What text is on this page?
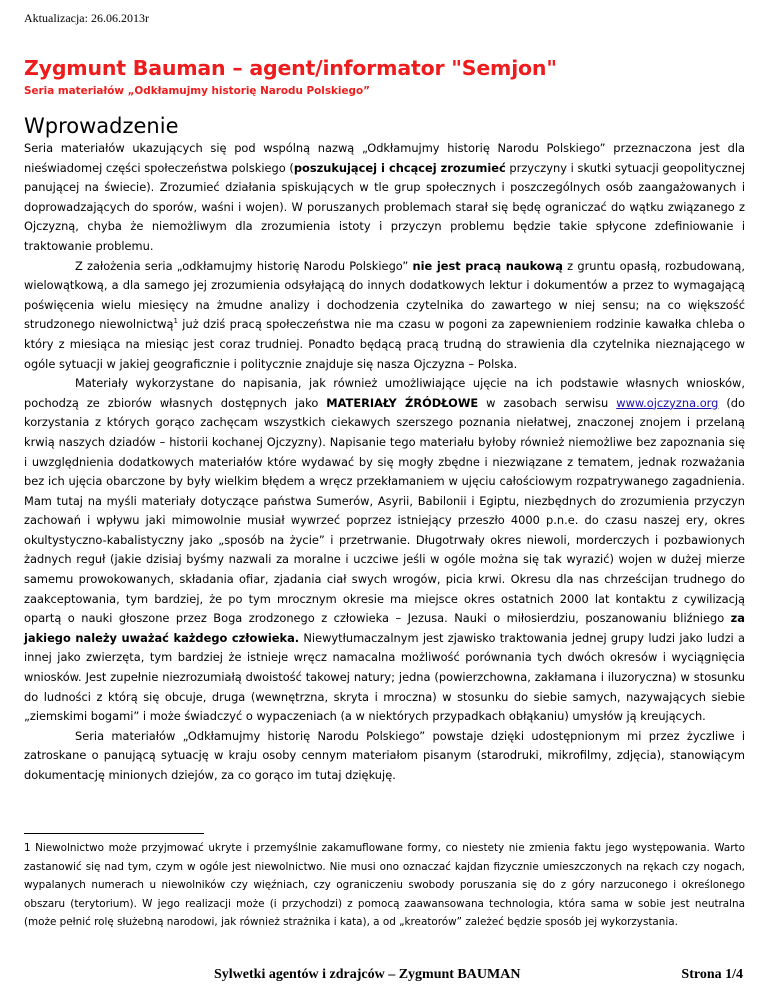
Aktualizacja: 26.06.2013r
Zygmunt Bauman – agent/informator "Semjon"
Seria materiałów „Odkłamujmy historię Narodu Polskiego”
Wprowadzenie

Seria materiałów ukazujących się pod wspólną nazwą „Odkłamujmy historię Narodu Polskiego” przeznaczona jest dla nieświadomej części społeczeństwa polskiego (poszukującej i chcącej zrozumieć przyczyny i skutki sytuacji geopolitycznej panującej na świecie). Zrozumieć działania spiskujących w tle grup społecznych i poszczególnych osób zaangażowanych i doprowadzających do sporów, waśni i wojen). W poruszanych problemach starał się będę ograniczać do wątku związanego z Ojczyzną, chyba że niemożliwym dla zrozumienia istoty i przyczyn problemu będzie takie spłycone zdefiniowanie i traktowanie problemu.

Z założenia seria „odkłamujmy historię Narodu Polskiego” nie jest pracą naukową z gruntu opasłą, rozbudowaną, wielowątkową, a dla samego jej zrozumienia odsyłającą do innych dodatkowych lektur i dokumentów a przez to wymagającą poświęcenia wielu miesięcy na żmudne analizy i dochodzenia czytelnika do zawartego w niej sensu; na co większość strudzonego niewolnictwą$^1$ już dziś pracą społeczeństwa nie ma czasu w pogoni za zapewnieniem rodzinie kawałka chleba o który z miesiąca na miesiąc jest coraz trudniej. Ponadto będącą pracą trudną do strawienia dla czytelnika nieznającego w ogóle sytuacji w jakiej geograficznie i politycznie znajduje się nasza Ojczyzna – Polska.

Materiały wykorzystane do napisania, jak również umożliwiające ujęcie na ich podstawie własnych wniosków, pochodzą ze zbiorów własnych dostępnych jako MATERIAŁY ŹRÓDŁOWE w zasobach serwisu www.ojczyzna.org (do korzystania z których gorąco zachęcam wszystkich ciekawych szerszego poznania niełatwej, znaczonej znojem i przelaną krwią naszych dziadów – historii kochanej Ojczyzny). Napisanie tego materiału byłoby również niemożliwe bez zapoznania się i uwzględnienia dodatkowych materiałów które wydawać by się mogły zbędne i niezwiązane z tematem, jednak rozważania bez ich ujęcia obarczone by były wielkim błędem a wręcz przekłamaniem w ujęciu całościowym rozpatrywanego zagadnienia. Mam tutaj na myśli materiały dotyczące państwa Sumerów, Asyrii, Babilonii i Egiptu, niezbędnych do zrozumienia przyczyn zachowań i wpływu jaki mimowolnie musiał wywrzeć poprzez istniejący przeszło 4000 p.n.e. do czasu naszej ery, okres okultystyczno-kabalistyczny jako „sposób na życie” i przetrwanie. Długotrwały okres niewoli, morderczych i pozbawionych żadnych reguł (jakie dzisiaj byśmy nazwali za moralne i uczciwe jeśli w ogóle można się tak wyrazić) wojen w dużej mierze samemu prowokowanych, składania ofiar, zjadania ciał swych wrogów, picia krwi. Okresu dla nas chrześcijan trudnego do zaakceptowania, tym bardziej, że po tym mrocznym okresie ma miejsce okres ostatnich 2000 lat kontaktu z cywilizacją opartą o nauki głoszone przez Boga zrodzonego z człowieka – Jezusa. Nauki o miłosierdziu, poszanowaniu bliźniego za jakiego należy uważać każdego człowieka. Niewytłumaczalnym jest zjawisko traktowania jednej grupy ludzi jako ludzi a innej jako zwierzęta, tym bardziej że istnieje wręcz namacalna możliwość porównania tych dwóch okresów i wyciągnięcia wniosków. Jest zupełnie niezrozumiałą dwoistość takowej natury; jedna (powierzchowna, zakłamana i iluzoryczna) w stosunku do ludności z którą się obcuje, druga (wewnętrzna, skryta i mroczna) w stosunku do siebie samych, nazywających siebie „ziemskimi bogami” i może świadczyć o wypaczeniach (a w niektórych przypadkach obłąkaniu) umysłów ją kreujących.

Seria materiałów „Odkłamujmy historię Narodu Polskiego” powstaje dzięki udostępnionym mi przez życzliwe i zatroskane o panującą sytuację w kraju osoby cennym materiałom pisanym (starodruki, mikrofilmy, zdjęcia), stanowiącym dokumentację minionych dziejów, za co gorąco im tutaj dziękuję.

1 Niewolnictwo może przyjmować ukryte i przemyślnie zakamuflowane formy, co niestety nie zmienia faktu jego występowania. Warto zastanowić się nad tym, czym w ogóle jest niewolnictwo. Nie musi ono oznaczać kajdan fizycznie umieszczonych na rękach czy nogach, wypalanych numerach u niewolników czy więźniach, czy ograniczeniu swobody poruszania się do z góry narzuconego i określonego obszaru (terytorium). W jego realizacji może (i przychodzi) z pomocą zaawansowana technologia, która sama w sobie jest neutralna (może pełnić rolę służebną narodowi, jak również strażnika i kata), a od „kreatorów” zależeć będzie sposób jej wykorzystania.

Sylwetki agentów i zdrajców – Zygmunt BAUMAN	Strona 1/4
